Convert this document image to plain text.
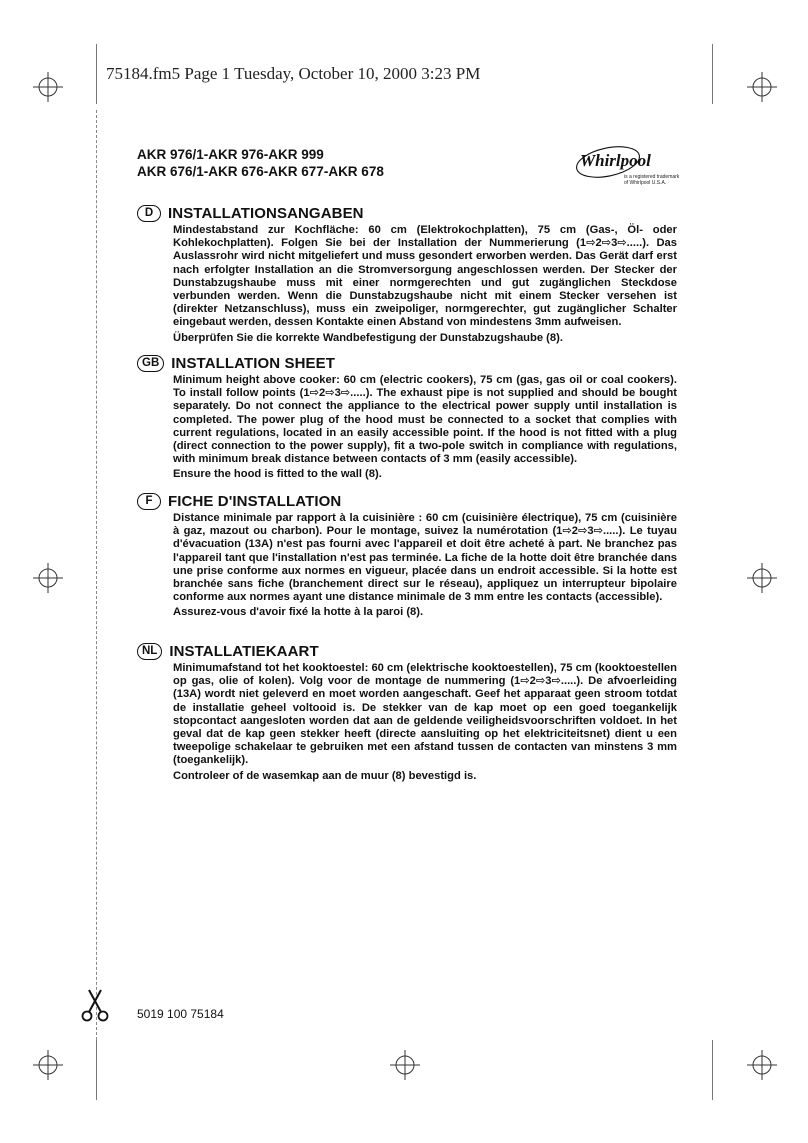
75184.fm5 Page 1 Tuesday, October 10, 2000 3:23 PM
AKR 976/1-AKR 976-AKR 999
AKR 676/1-AKR 676-AKR 677-AKR 678
Whirlpool
is a registered trademark
of Whirlpool U.S.A.
D INSTALLATIONSANGABEN

Mindestabstand zur Kochfläche: 60 cm (Elektrokochplatten), 75 cm (Gas-, Öl- oder Kohlekochplatten). Folgen Sie bei der Installation der Nummerierung (1⇨2⇨3⇨.....). Das Auslassrohr wird nicht mitgeliefert und muss gesondert erworben werden. Das Gerät darf erst nach erfolgter Installation an die Stromversorgung angeschlossen werden. Der Stecker der Dunstabzugshaube muss mit einer normgerechten und gut zugänglichen Steckdose verbunden werden. Wenn die Dunstabzugshaube nicht mit einem Stecker versehen ist (direkter Netzanschluss), muss ein zweipoliger, normgerechter, gut zugänglicher Schalter eingebaut werden, dessen Kontakte einen Abstand von mindestens 3mm aufweisen.

Überprüfen Sie die korrekte Wandbefestigung der Dunstabzugshaube (8).

GB INSTALLATION SHEET

Minimum height above cooker: 60 cm (electric cookers), 75 cm (gas, gas oil or coal cookers). To install follow points (1⇨2⇨3⇨.....). The exhaust pipe is not supplied and should be bought separately. Do not connect the appliance to the electrical power supply until installation is completed. The power plug of the hood must be connected to a socket that complies with current regulations, located in an easily accessible point. If the hood is not fitted with a plug (direct connection to the power supply), fit a two-pole switch in compliance with regulations, with minimum break distance between contacts of 3 mm (easily accessible).

Ensure the hood is fitted to the wall (8).

F	FICHE D'INSTALLATION

Distance minimale par rapport à la cuisinière : 60 cm (cuisinière électrique), 75 cm (cuisinière à gaz, mazout ou charbon). Pour le montage, suivez la numérotation (1⇨2⇨3⇨.....). Le tuyau d'évacuation (13A) n'est pas fourni avec l'appareil et doit être acheté à part. Ne branchez pas l'appareil tant que l'installation n'est pas terminée. La fiche de la hotte doit être branchée dans une prise conforme aux normes en vigueur, placée dans un endroit accessible. Si la hotte est branchée sans fiche (branchement direct sur le réseau), appliquez un interrupteur bipolaire conforme aux normes ayant une distance minimale de 3 mm entre les contacts (accessible).

Assurez-vous d'avoir fixé la hotte à la paroi (8).

NL INSTALLATIEKAART

Minimumafstand tot het kooktoestel: 60 cm (elektrische kooktoestellen), 75 cm (kooktoestellen op gas, olie of kolen). Volg voor de montage de nummering (1⇨2⇨3⇨.....). De afvoerleiding (13A) wordt niet geleverd en moet worden aangeschaft. Geef het apparaat geen stroom totdat de installatie geheel voltooid is. De stekker van de kap moet op een goed toegankelijk stopcontact aangesloten worden dat aan de geldende veiligheidsvoorschriften voldoet. In het geval dat de kap geen stekker heeft (directe aansluiting op het elektriciteitsnet) dient u een tweepolige schakelaar te gebruiken met een afstand tussen de contacten van minstens 3 mm (toegankelijk).

Controleer of de wasemkap aan de muur (8) bevestigd is.

5019 100 75184
